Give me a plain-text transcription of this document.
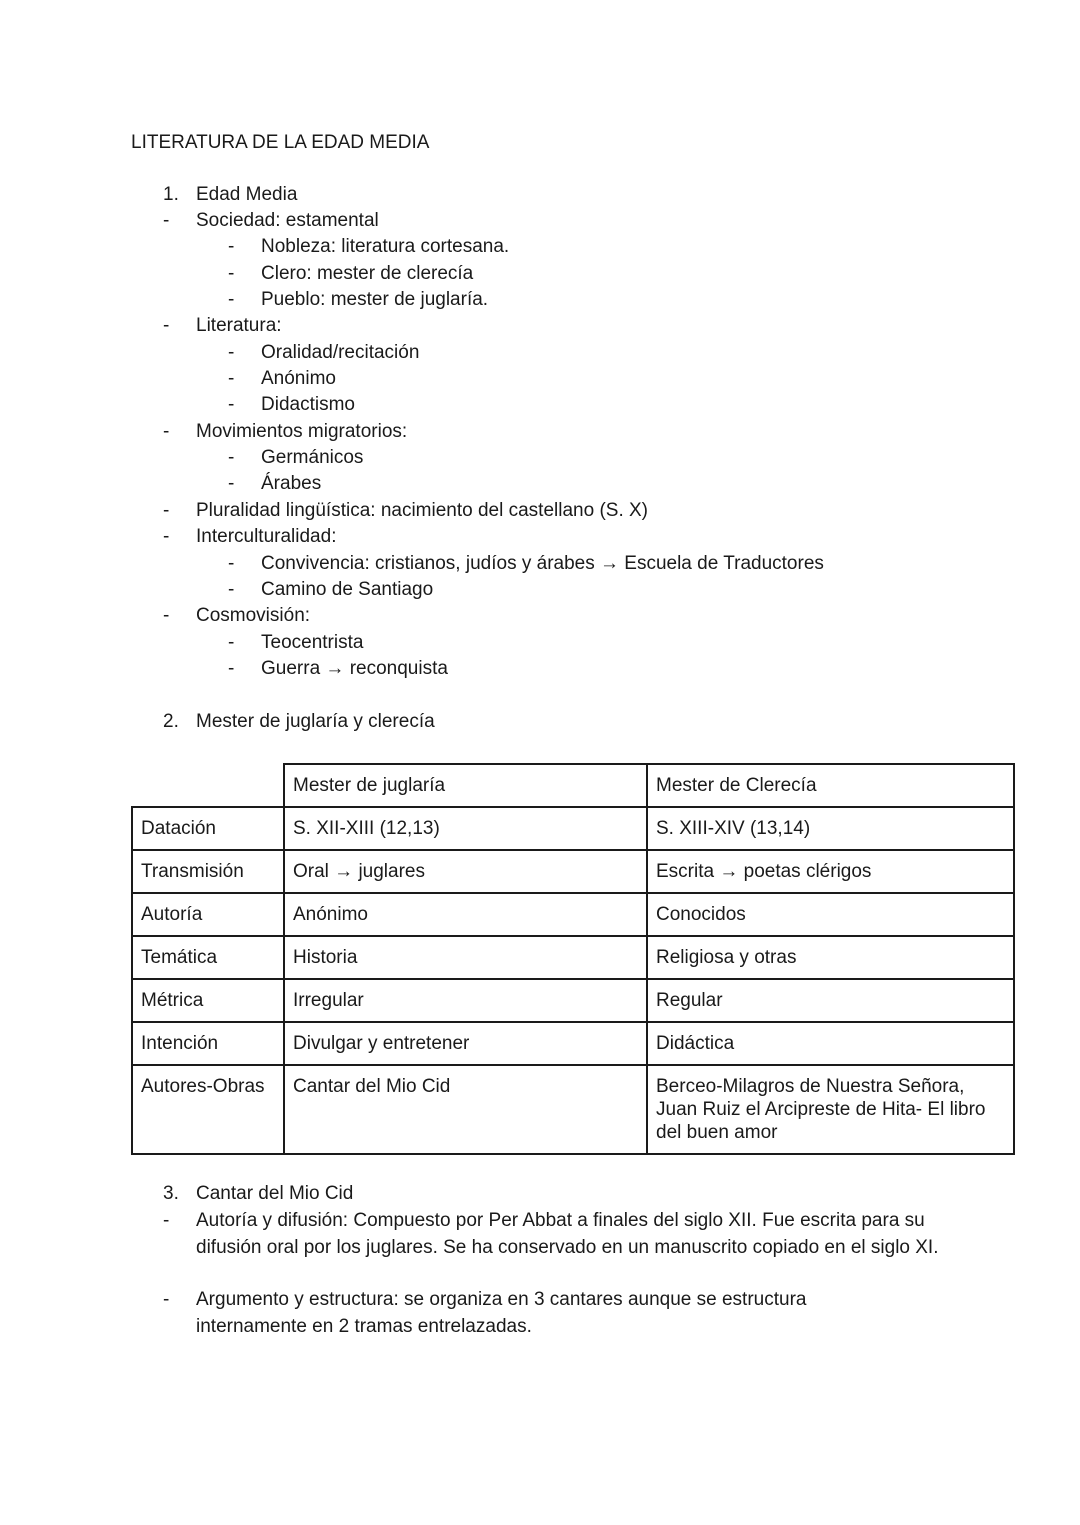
LITERATURA DE LA EDAD MEDIA
1. Edad Media
- Sociedad: estamental
- Nobleza: literatura cortesana.
- Clero: mester de clerecía
- Pueblo: mester de juglaría.
- Literatura:
- Oralidad/recitación
- Anónimo
- Didactismo
- Movimientos migratorios:
- Germánicos
- Árabes
- Pluralidad lingüística: nacimiento del castellano (S. X)
- Interculturalidad:
- Convivencia: cristianos, judíos y árabes → Escuela de Traductores
- Camino de Santiago
- Cosmovisión:
- Teocentrista
- Guerra → reconquista
2. Mester de juglaría y clerecía
	Mester de juglaría	Mester de Clerecía
Datación	S. XII-XIII (12,13)	S. XIII-XIV (13,14)
Transmisión	Oral → juglares	Escrita → poetas clérigos
Autoría	Anónimo	Conocidos
Temática	Historia	Religiosa y otras
Métrica	Irregular	Regular
Intención	Divulgar y entretener	Didáctica
Autores-Obras	Cantar del Mio Cid	Berceo-Milagros de Nuestra Señora, Juan Ruiz el Arcipreste de Hita- El libro del buen amor
3. Cantar del Mio Cid
- Autoría y difusión: Compuesto por Per Abbat a finales del siglo XII. Fue escrita para su difusión oral por los juglares. Se ha conservado en un manuscrito copiado en el siglo XI.
- Argumento y estructura: se organiza en 3 cantares aunque se estructura internamente en 2 tramas entrelazadas.
